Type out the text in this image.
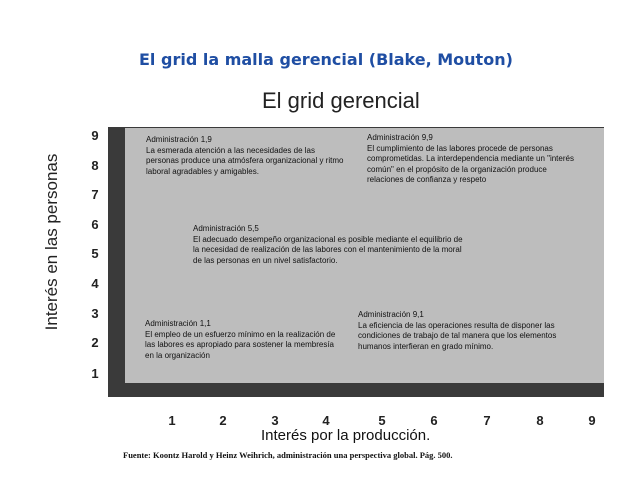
El grid la malla gerencial (Blake, Mouton)
El grid gerencial
Interés en las personas
9
8
7
6
5
4
3
2
1
1	2	3	4	5	6	7	8	9
Administración 1,9
La esmerada atención a las necesidades de las personas produce una atmósfera organizacional y ritmo laboral agradables y amigables.
Administración 9,9
El cumplimiento de las labores procede de personas comprometidas. La interdependencia mediante un "interés común" en el propósito de la organización produce relaciones de confianza y respeto
Administración 5,5
El adecuado desempeño organizacional es posible mediante el equilibrio de la necesidad de realización de las labores con el mantenimiento de la moral de las personas en un nivel satisfactorio.
Administración 1,1
El empleo de un esfuerzo mínimo en la realización de las labores es apropiado para sostener la membresía en la organización
Administración 9,1
La eficiencia de las operaciones resulta de disponer las condiciones de trabajo de tal manera que los elementos humanos interfieran en grado mínimo.
Interés por la producción.
Fuente: Koontz Harold y Heinz Weihrich, administración una perspectiva global. Pág. 500.
